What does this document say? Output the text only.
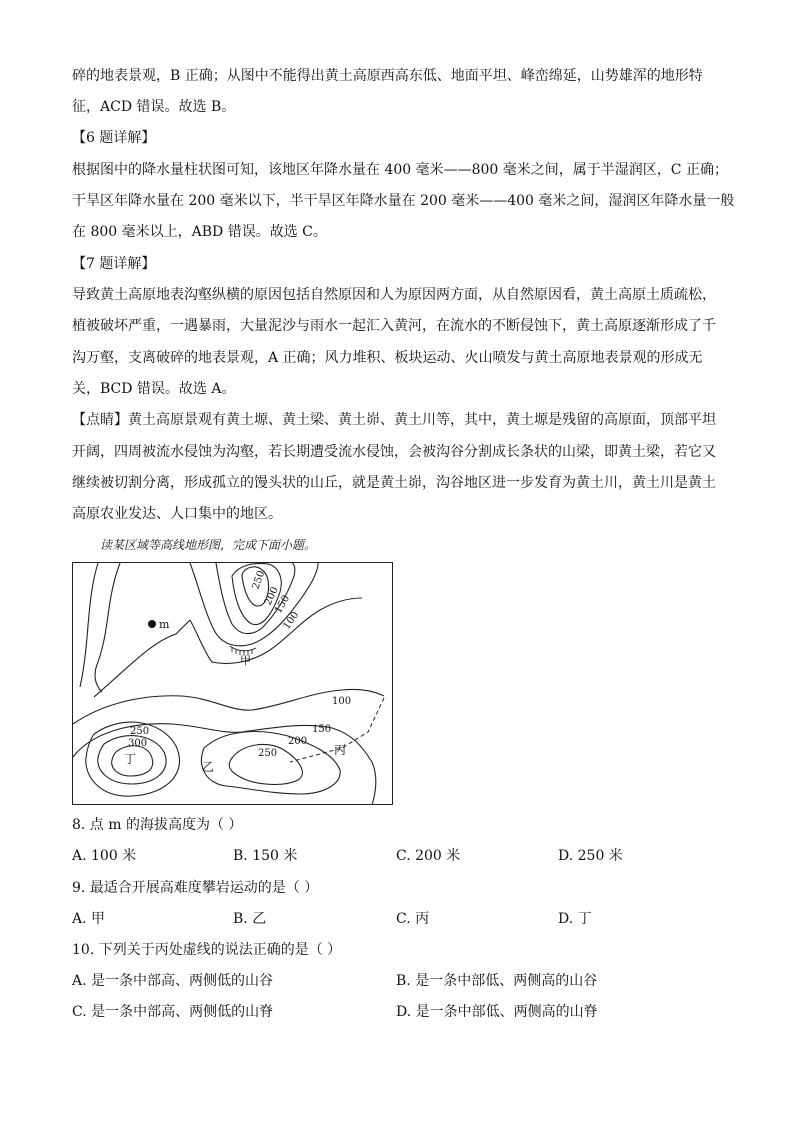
碎的地表景观，B 正确；从图中不能得出黄土高原西高东低、地面平坦、峰峦绵延，山势雄浑的地形特
征，ACD 错误。故选 B。
【6 题详解】
根据图中的降水量柱状图可知，该地区年降水量在 400 毫米——800 毫米之间，属于半湿润区，C 正确；
干旱区年降水量在 200 毫米以下，半干旱区年降水量在 200 毫米——400 毫米之间，湿润区年降水量一般
在 800 毫米以上，ABD 错误。故选 C。
【7 题详解】
导致黄土高原地表沟壑纵横的原因包括自然原因和人为原因两方面，从自然原因看，黄土高原土质疏松，
植被破坏严重，一遇暴雨，大量泥沙与雨水一起汇入黄河，在流水的不断侵蚀下，黄土高原逐渐形成了千
沟万壑，支离破碎的地表景观，A 正确；风力堆积、板块运动、火山喷发与黄土高原地表景观的形成无
关，BCD 错误。故选 A。
【点睛】黄土高原景观有黄土塬、黄土梁、黄土峁、黄土川等，其中，黄土塬是残留的高原面，顶部平坦
开阔，四周被流水侵蚀为沟壑，若长期遭受流水侵蚀，会被沟谷分割成长条状的山梁，即黄土梁，若它又
继续被切割分离，形成孤立的馒头状的山丘，就是黄土峁，沟谷地区进一步发育为黄土川，黄土川是黄土
高原农业发达、人口集中的地区。
读某区域等高线地形图，完成下面小题。
m
250
200
150
100
100
150
200
250
250
300
甲
乙
丙
丁
8. 点 m 的海拔高度为（ ）
A. 100 米	B. 150 米	C. 200 米	D. 250 米
9. 最适合开展高难度攀岩运动的是（ ）
A. 甲	B. 乙	C. 丙	D. 丁
10. 下列关于丙处虚线的说法正确的是（ ）
A. 是一条中部高、两侧低的山谷	B. 是一条中部低、两侧高的山谷
C. 是一条中部高、两侧低的山脊	D. 是一条中部低、两侧高的山脊
